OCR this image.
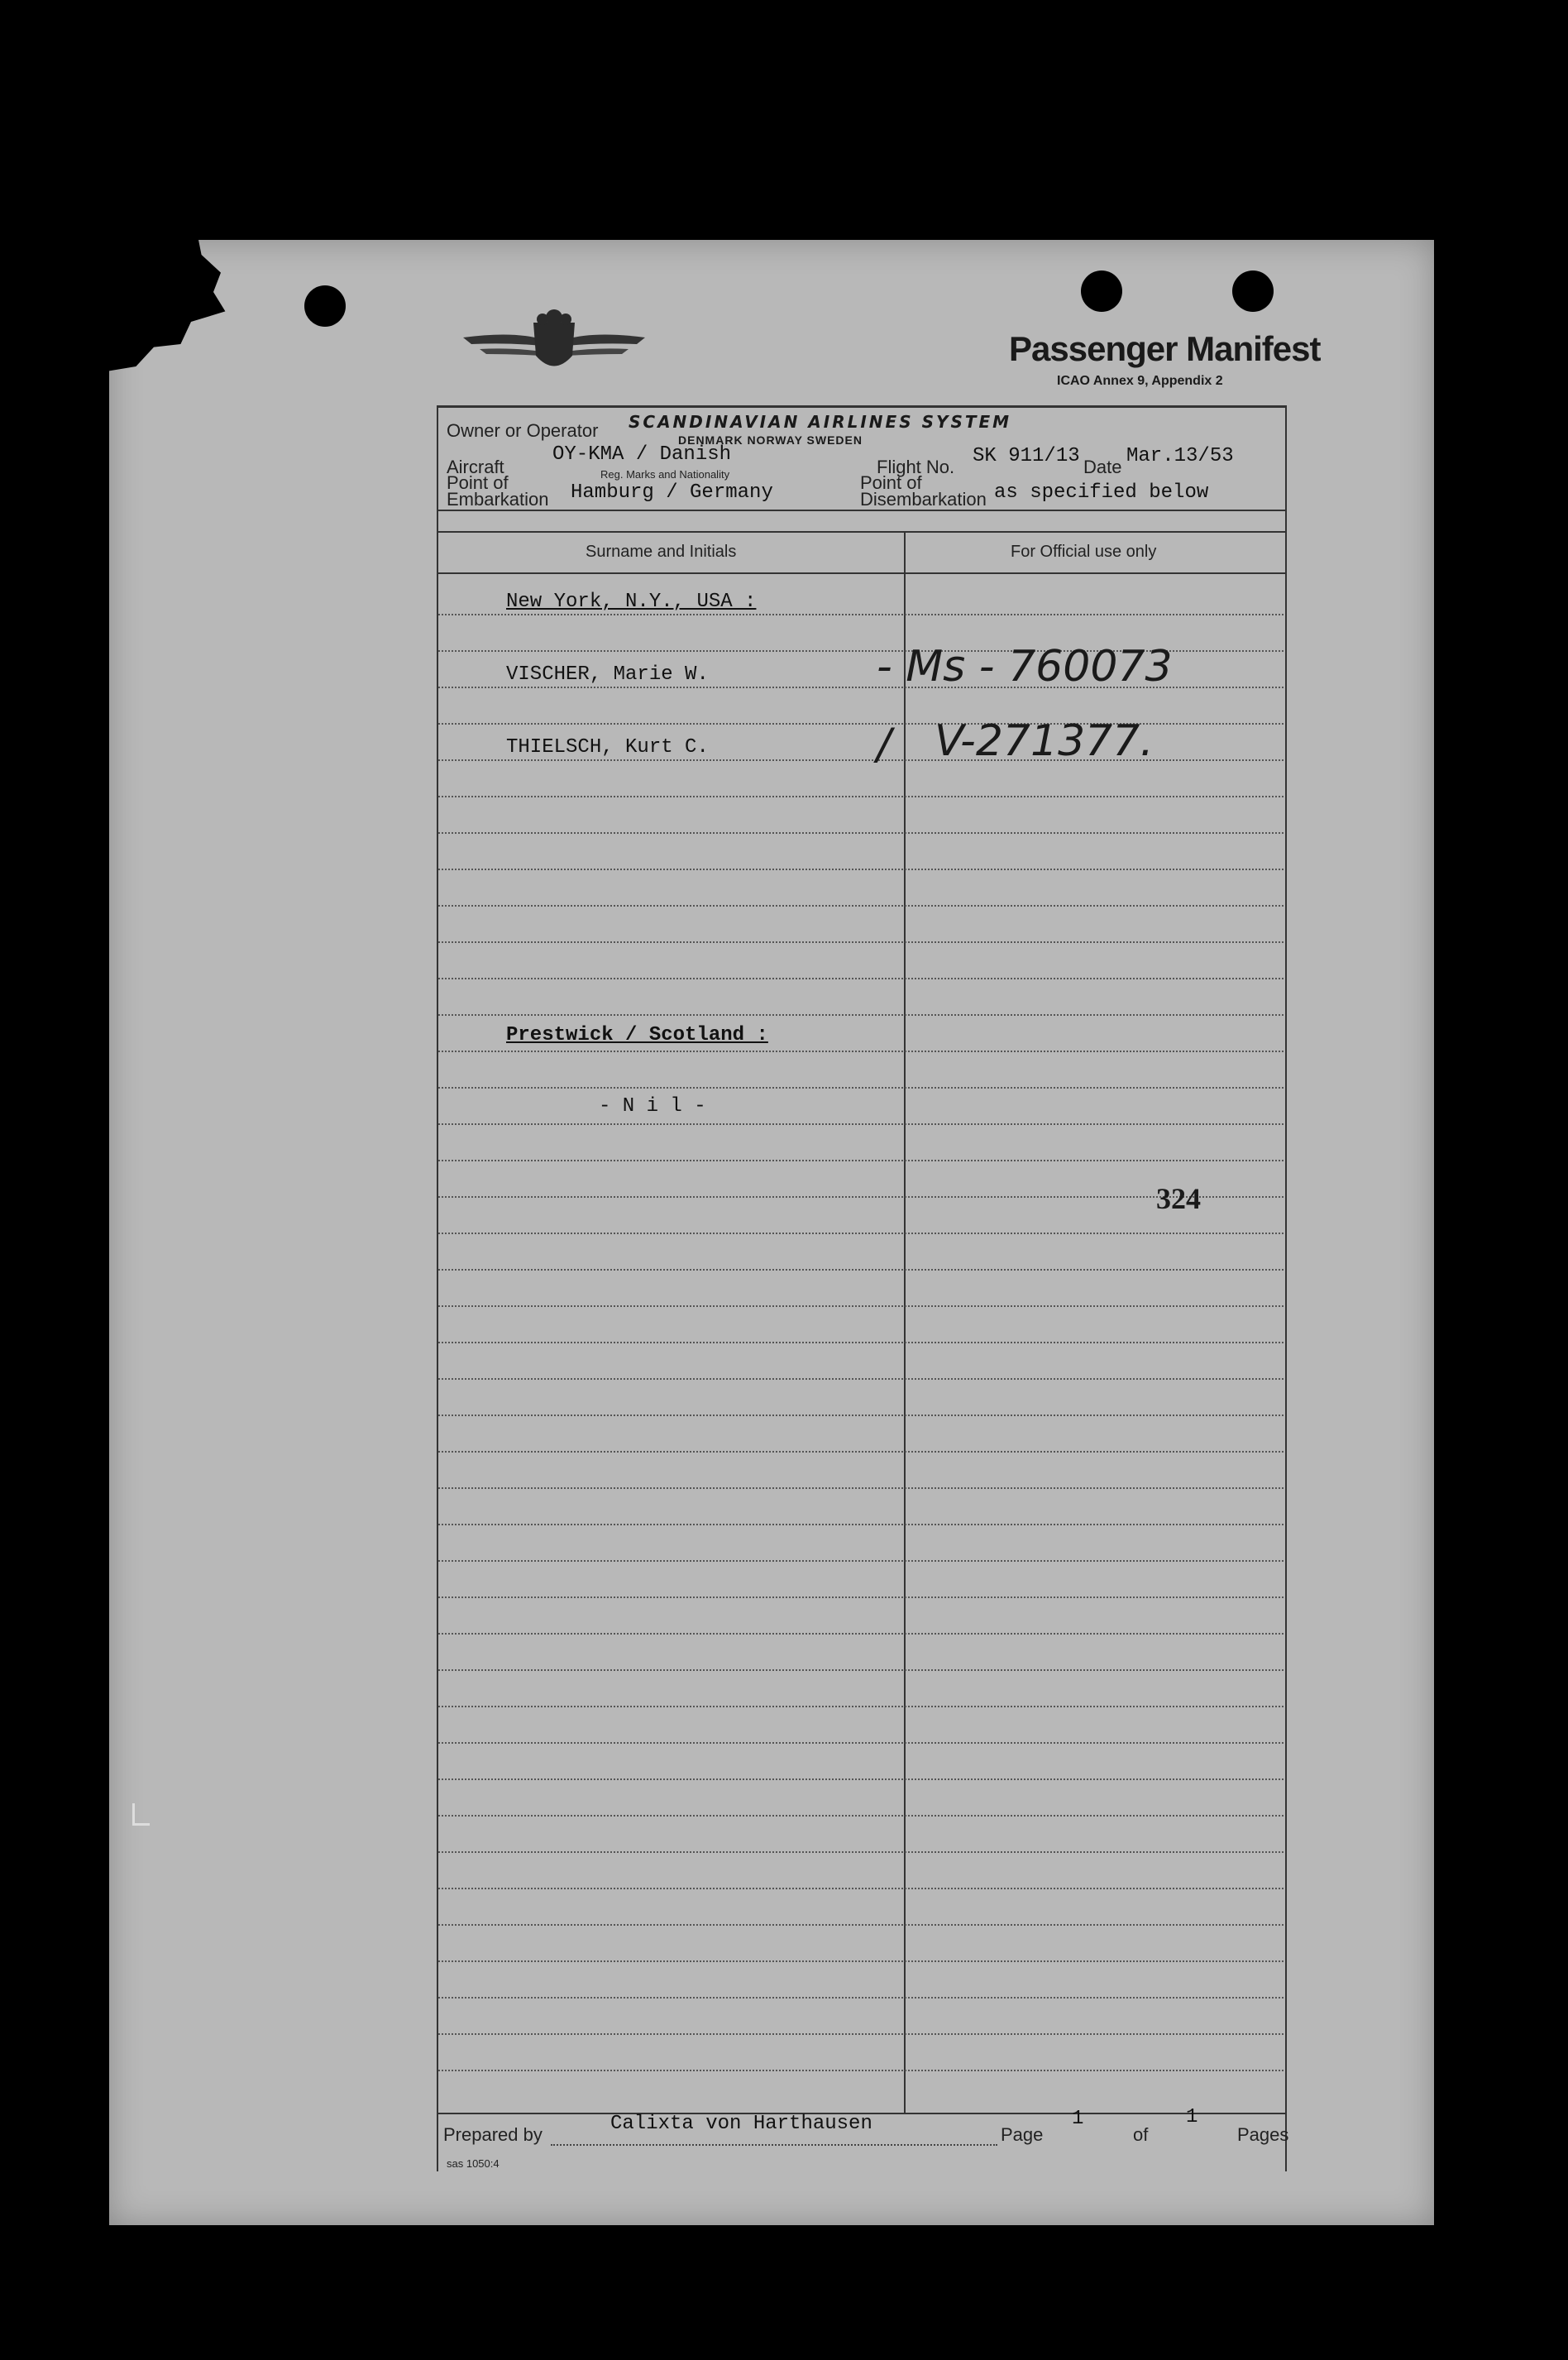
Passenger Manifest
ICAO Annex 9, Appendix 2
Owner or Operator SCANDINAVIAN AIRLINES SYSTEM
DENMARK NORWAY SWEDEN
Aircraft
OY-KMA / Danish
Reg. Marks and Nationality	Flight No. SK 911/13 Date Mar.13/53
Point of
Embarkation Hamburg / Germany	Point of
Disembarkation as specified below
Surname and Initials	For Official use only
New York, N.Y., USA :
VISCHER, Marie W.	- Ms - 760073
THIELSCH, Kurt C.	V-271377.
/
Prestwick / Scotland :
- N i l -
324
Prepared by	Calixta von Harthausen	Page
1
of
1
Pages
sas 1050:4
